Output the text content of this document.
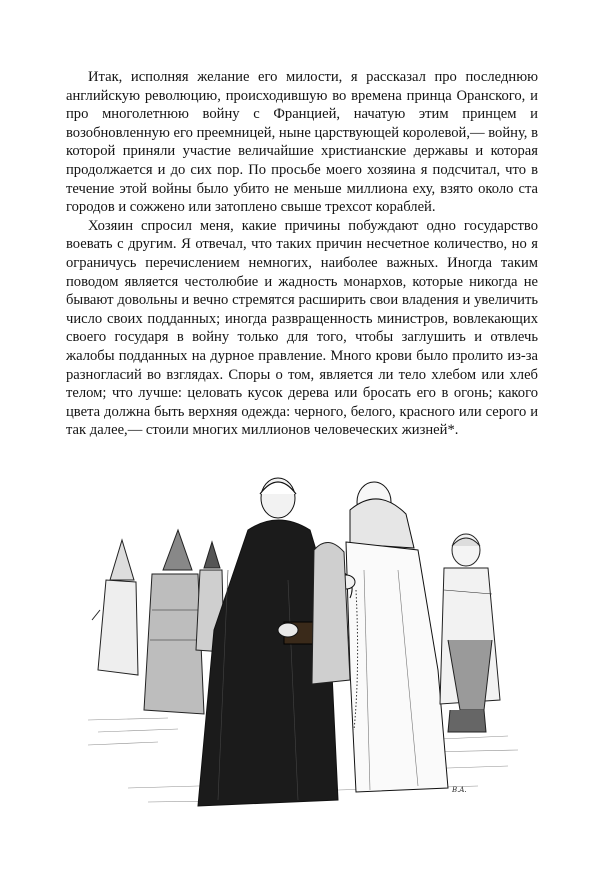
Итак, исполняя желание его милости, я рассказал про последнюю английскую революцию, происходившую во времена принца Оранского, и про многолетнюю войну с Францией, начатую этим принцем и возобновленную его преемницей, ныне царствующей королевой,— войну, в которой приняли участие величайшие христианские державы и которая продолжается и до сих пор. По просьбе моего хозяина я подсчитал, что в течение этой войны было убито не меньше миллиона еху, взято около ста городов и сожжено или затоплено свыше трехсот кораблей.

Хозяин спросил меня, какие причины побуждают одно государство воевать с другим. Я отвечал, что таких причин несчетное количество, но я ограничусь перечислением немногих, наиболее важных. Иногда таким поводом является честолюбие и жадность монархов, которые никогда не бывают довольны и вечно стремятся расширить свои владения и увеличить число своих подданных; иногда развращенность министров, вовлекающих своего государя в войну только для того, чтобы заглушить и отвлечь жалобы подданных на дурное правление. Много крови было пролито из-за разногласий во взглядах. Споры о том, является ли тело хлебом или хлеб телом; что лучше: целовать кусок дерева или бросать его в огонь; какого цвета должна быть верхняя одежда: черного, белого, красного или серого и так далее,— стоили многих миллионов человеческих жизней*.

B.A.
